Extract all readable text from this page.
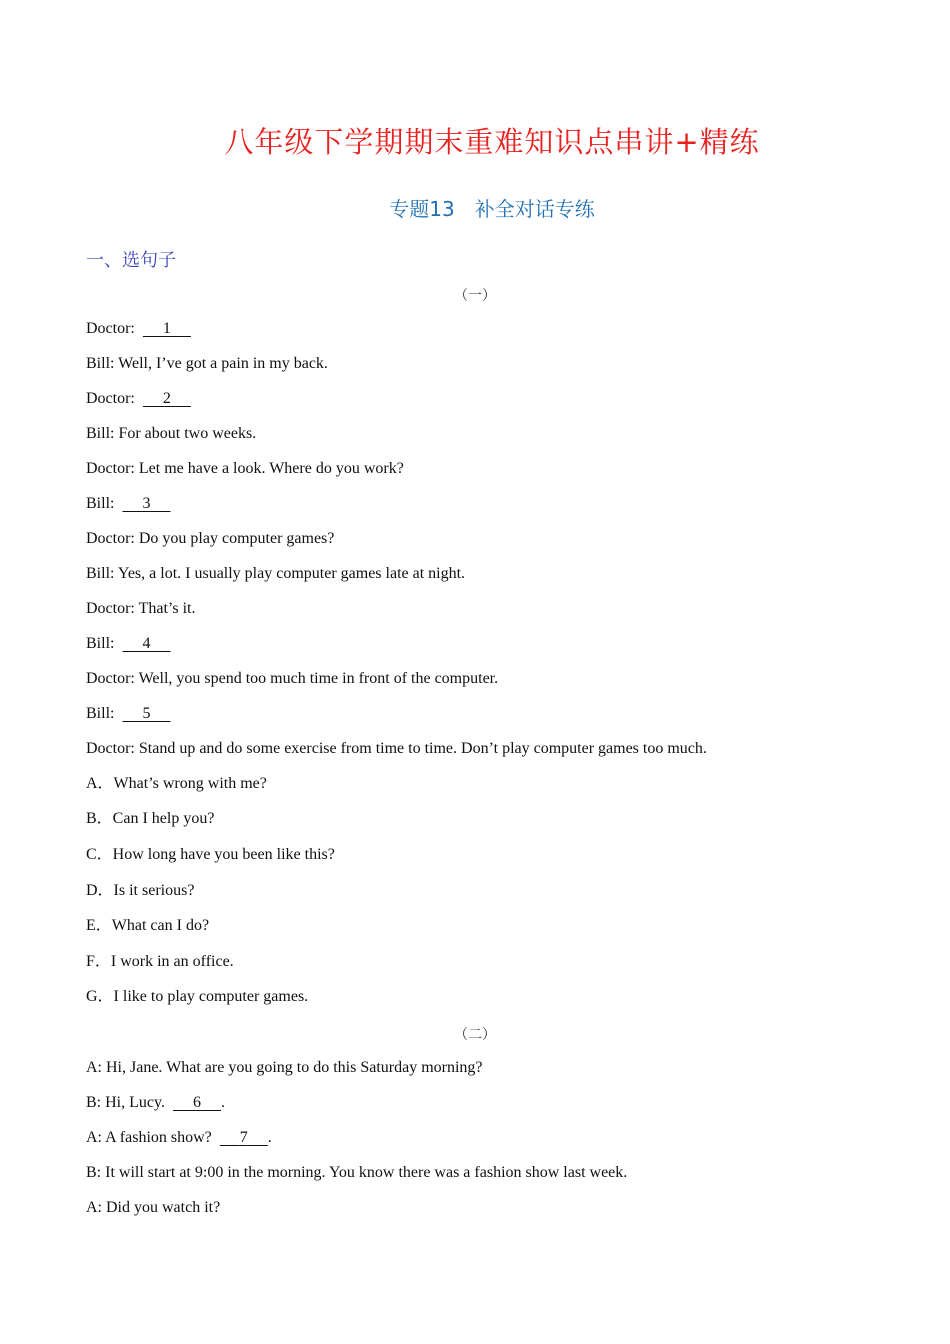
八年级下学期期末重难知识点串讲+精练
专题13　补全对话专练
一、选句子
（一）
Doctor:  1
Bill: Well, I’ve got a pain in my back.
Doctor:  2
Bill: For about two weeks.
Doctor: Let me have a look. Where do you work?
Bill:  3
Doctor: Do you play computer games?
Bill: Yes, a lot. I usually play computer games late at night.
Doctor: That’s it.
Bill:  4
Doctor: Well, you spend too much time in front of the computer.
Bill:  5
Doctor: Stand up and do some exercise from time to time. Don’t play computer games too much.
A．What’s wrong with me?
B．Can I help you?
C．How long have you been like this?
D．Is it serious?
E．What can I do?
F．I work in an office.
G．I like to play computer games.
（二）
A: Hi, Jane. What are you going to do this Saturday morning?
B: Hi, Lucy.  6 .
A: A fashion show?  7 .
B: It will start at 9:00 in the morning. You know there was a fashion show last week.
A: Did you watch it?
